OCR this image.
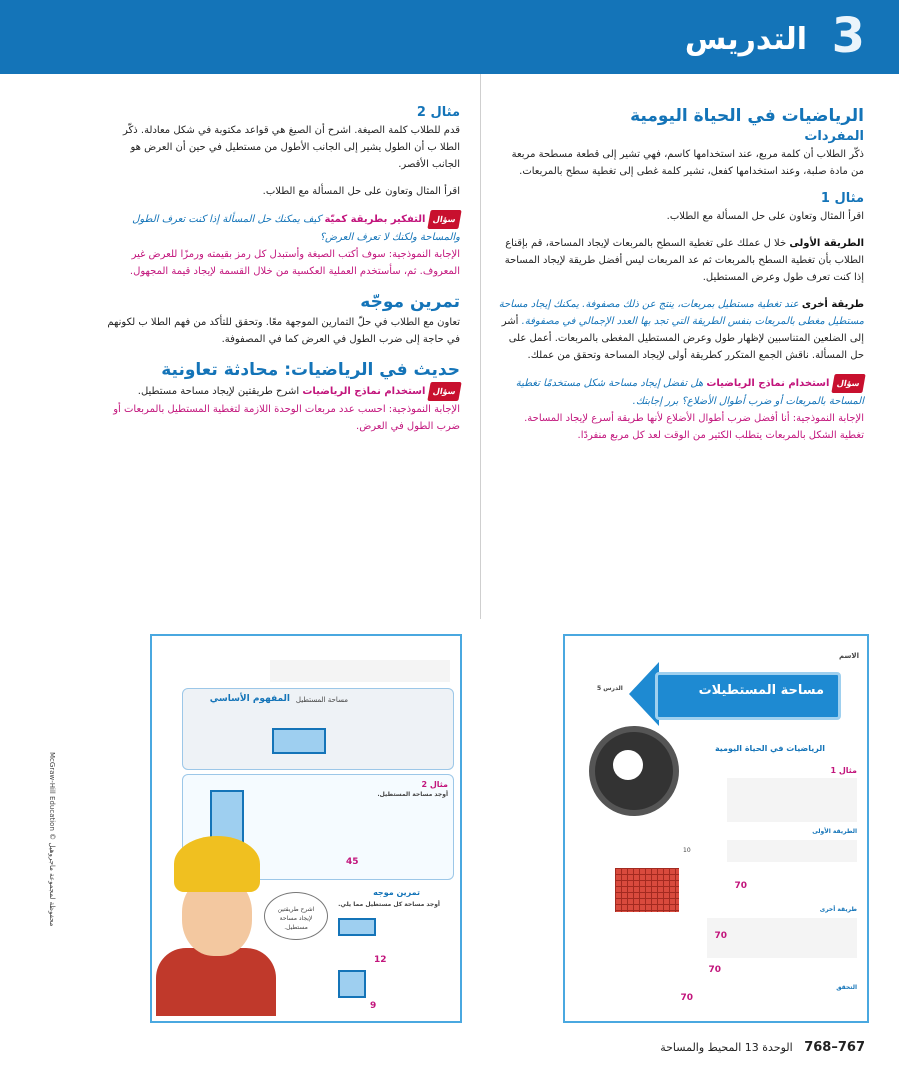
3
التدريس
الرياضيات في الحياة اليومية
المفردات

ذكّر الطلاب أن كلمة مربع، عند استخدامها كاسم، فهي تشير إلى قطعة مسطحة مربعة من مادة صلبة، وعند استخدامها كفعل، تشير كلمة غطى إلى تغطية سطح بالمربعات.

مثال 1

اقرأ المثال وتعاون على حل المسألة مع الطلاب.

الطريقة الأولى خلا ل عملك على تغطية السطح بالمربعات لإيجاد المساحة، قم بإقناع الطلاب بأن تغطية السطح بالمربعات ثم عد المربعات ليس أفضل طريقة لإيجاد المساحة إذا كنت تعرف طول وعرض المستطيل.

طريقة أخرى عند تغطية مستطيل بمربعات، ينتج عن ذلك مصفوفة. يمكنك إيجاد مساحة مستطيل مغطى بالمربعات بنفس الطريقة التي تجد بها العدد الإجمالي في مصفوفة. أشر إلى الضلعين المتناسبين لإظهار طول وعرض المستطيل المغطى بالمربعات. أعمل على حل المسألة. ناقش الجمع المتكرر كطريقة أولى لإيجاد المساحة وتحقق من عملك.

سؤالاستخدام نماذج الرياضيات هل تفضل إيجاد مساحة شكل مستخدمًا تغطية المساحة بالمربعات أو ضرب أطوال الأضلاع؟ برر إجابتك.

الإجابة النموذجية: أنا أفضل ضرب أطوال الأضلاع لأنها طريقة أسرع لإيجاد المساحة. تغطية الشكل بالمربعات يتطلب الكثير من الوقت لعد كل مربع منفردًا.

مثال 2

قدم للطلاب كلمة الصيغة. اشرح أن الصيغ هي قواعد مكتوبة في شكل معادلة. ذكّر الطلا ب أن الطول يشير إلى الجانب الأطول من مستطيل في حين أن العرض هو الجانب الأقصر.

اقرأ المثال وتعاون على حل المسألة مع الطلاب.

سؤالالتفكير بطريقة كميّة كيف يمكنك حل المسألة إذا كنت تعرف الطول والمساحة ولكنك لا تعرف العرض؟

الإجابة النموذجية: سوف أكتب الصيغة وأستبدل كل رمز بقيمته ورمزًا للعرض غير المعروف. ثم، سأستخدم العملية العكسية من خلال القسمة لإيجاد قيمة المجهول.

تمرين موجّه

تعاون مع الطلاب في حلّ التمارين الموجهة معًا. وتحقق للتأكد من فهم الطلا ب لكونهم في حاجة إلى ضرب الطول في العرض كما في المصفوفة.

حديث في الرياضيات: محادثة تعاونية

سؤالاستخدام نماذج الرياضيات اشرح طريقتين لإيجاد مساحة مستطيل.

الإجابة النموذجية: احسب عدد مربعات الوحدة اللازمة لتغطية المستطيل بالمربعات أو ضرب الطول في العرض.

الاسم
مساحة المستطيلات
الدرس 5
الرياضيات في الحياة اليومية
مثال 1
الطريقة الأولى
10
70
طريقة أخرى
70
70
التحقق
70
المفهوم الأساسي مساحة المستطيل
مثال 2
أوجد مساحة المستطيل.
45
تمرين موجه
أوجد مساحة كل مستطيل مما يلي.
12
9
اشرح طريقتين لإيجاد مساحة مستطيل.
McGraw-Hill Education © محفوظة لمجموعة ماجروهيل
767–768 الوحدة 13 المحيط والمساحة
